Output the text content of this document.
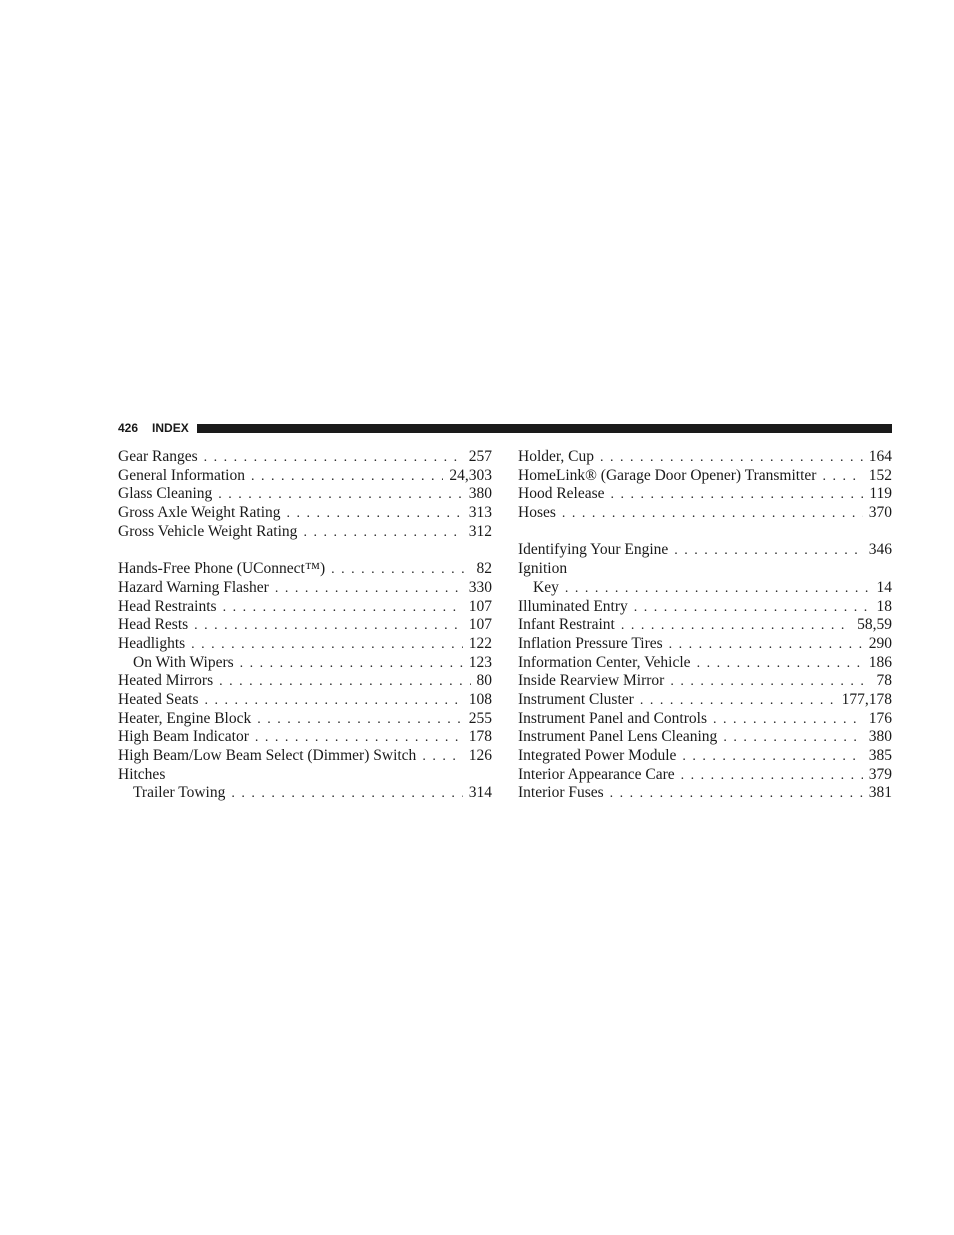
426 INDEX
Gear Ranges . . .	257
General Information . . .	24,303
Glass Cleaning . . .	380
Gross Axle Weight Rating . . .	313
Gross Vehicle Weight Rating . . .	312
Hands-Free Phone (UConnect™) . . .	82
Hazard Warning Flasher . . .	330
Head Restraints . . .	107
Head Rests . . .	107
Headlights . . .	122
On With Wipers . . .	123
Heated Mirrors . . .	80
Heated Seats . . .	108
Heater, Engine Block . . .	255
High Beam Indicator . . .	178
High Beam/Low Beam Select (Dimmer) Switch . . .	126
Hitches
Trailer Towing . . .	314
Holder, Cup . . .	164
HomeLink® (Garage Door Opener) Transmitter . . .	152
Hood Release . . .	119
Hoses . . .	370
Identifying Your Engine . . .	346
Ignition
Key . . .	14
Illuminated Entry . . .	18
Infant Restraint . . .	58,59
Inflation Pressure Tires . . .	290
Information Center, Vehicle . . .	186
Inside Rearview Mirror . . .	78
Instrument Cluster . . .	177,178
Instrument Panel and Controls . . .	176
Instrument Panel Lens Cleaning . . .	380
Integrated Power Module . . .	385
Interior Appearance Care . . .	379
Interior Fuses . . .	381
